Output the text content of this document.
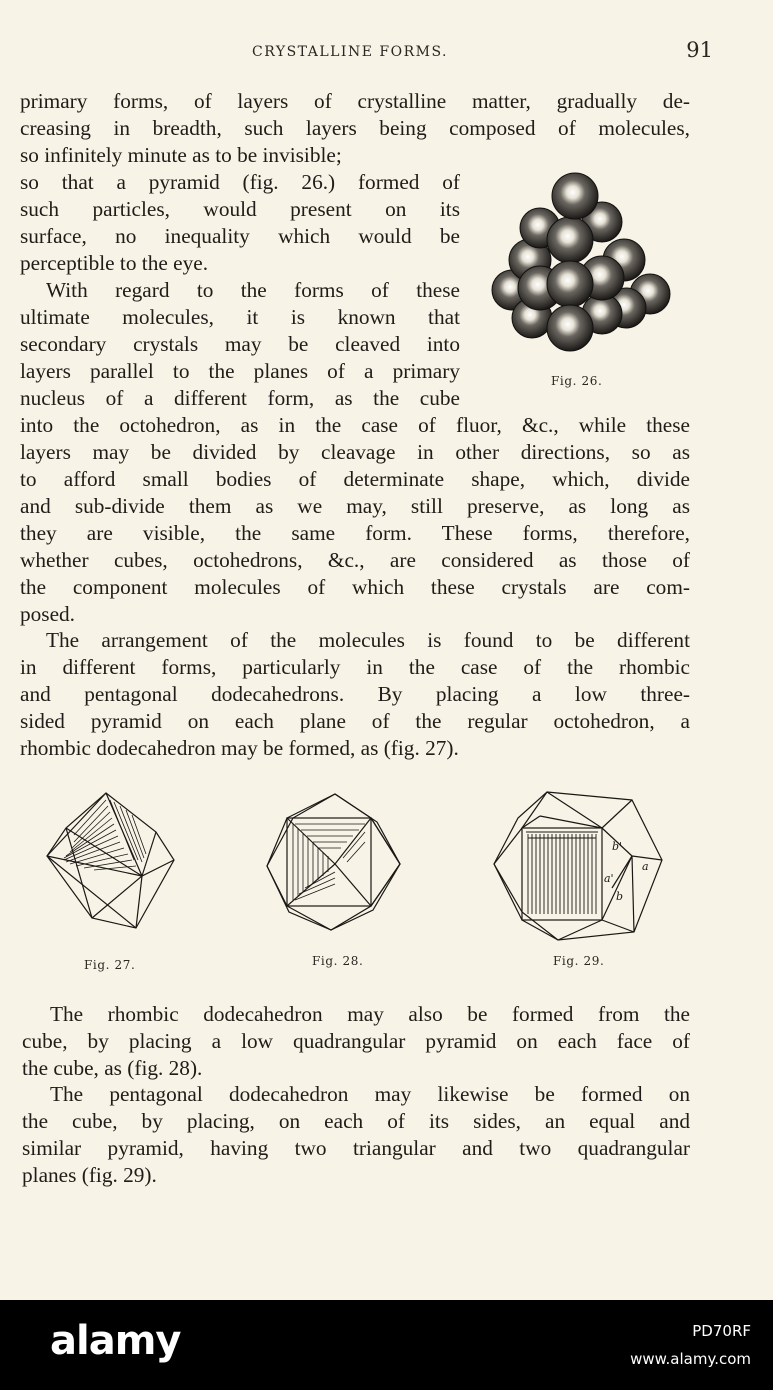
CRYSTALLINE FORMS.	91
primary forms, of layers of crystalline matter, gradually de-
creasing in breadth, such layers being composed of molecules,
so infinitely minute as to be invisible;
so that a pyramid (fig. 26.) formed of
such particles, would present on its
surface, no inequality which would be
perceptible to the eye.
With regard to the forms of these
ultimate molecules, it is known that
secondary crystals may be cleaved into
layers parallel to the planes of a primary
nucleus of a different form, as the cube
into the octohedron, as in the case of fluor, &c., while these
layers may be divided by cleavage in other directions, so as
to afford small bodies of determinate shape, which, divide
and sub-divide them as we may, still preserve, as long as
they are visible, the same form. These forms, therefore,
whether cubes, octohedrons, &c., are considered as those of
the component molecules of which these crystals are com-
posed.
The arrangement of the molecules is found to be different
in different forms, particularly in the case of the rhombic
and pentagonal dodecahedrons. By placing a low three-
sided pyramid on each plane of the regular octohedron, a
rhombic dodecahedron may be formed, as (fig. 27).
The rhombic dodecahedron may also be formed from the
cube, by placing a low quadrangular pyramid on each face of
the cube, as (fig. 28).
The pentagonal dodecahedron may likewise be formed on
the cube, by placing, on each of its sides, an equal and
similar pyramid, having two triangular and two quadrangular
planes (fig. 29).
Fig. 26.
Fig. 27.	Fig. 28.
b'
a
a'
b
Fig. 29.
alamy	PD70RF
www.alamy.com
